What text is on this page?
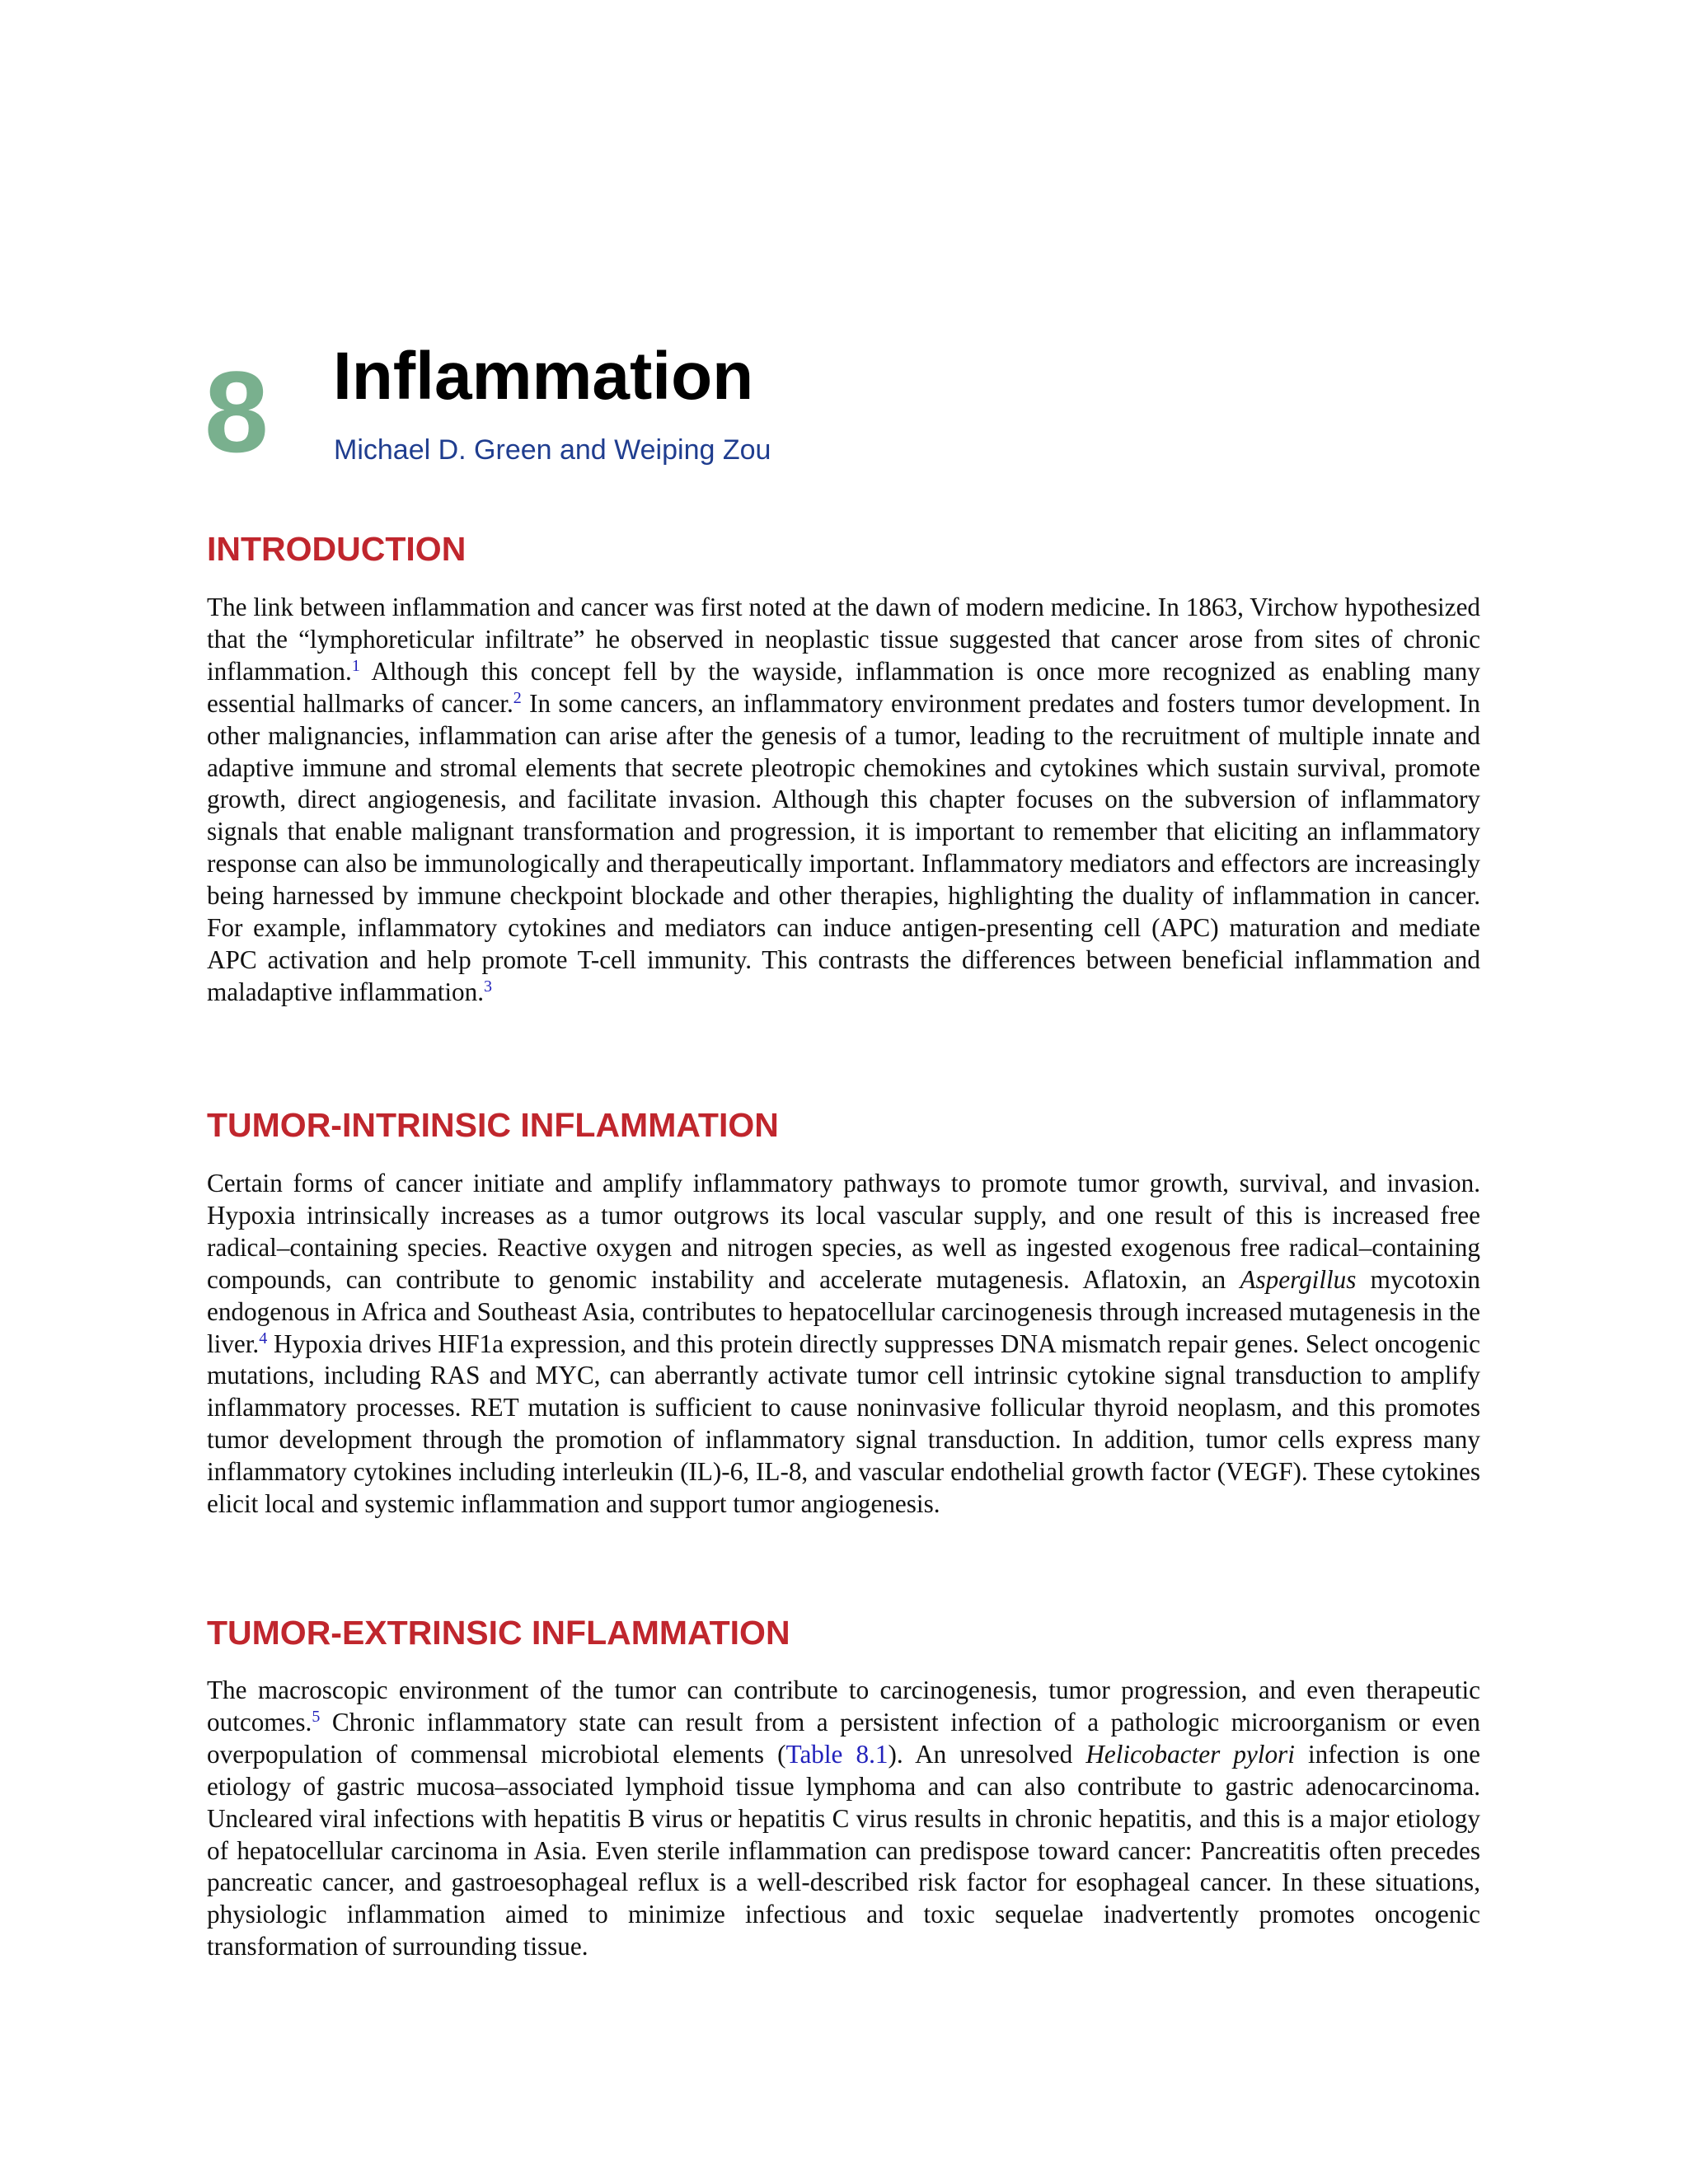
8 Inflammation
Michael D. Green and Weiping Zou
INTRODUCTION

The link between inflammation and cancer was first noted at the dawn of modern medicine. In 1863, Virchow hypothesized that the “lymphoreticular infiltrate” he observed in neoplastic tissue suggested that cancer arose from sites of chronic inflammation.$^1$ Although this concept fell by the wayside, inflammation is once more recognized as enabling many essential hallmarks of cancer.$^2$ In some cancers, an inflammatory environment predates and fosters tumor development. In other malignancies, inflammation can arise after the genesis of a tumor, leading to the recruitment of multiple innate and adaptive immune and stromal elements that secrete pleotropic chemokines and cytokines which sustain survival, promote growth, direct angiogenesis, and facilitate invasion. Although this chapter focuses on the subversion of inflammatory signals that enable malignant transformation and progression, it is important to remember that eliciting an inflammatory response can also be immunologically and therapeutically important. Inflammatory mediators and effectors are increasingly being harnessed by immune checkpoint blockade and other therapies, highlighting the duality of inflammation in cancer. For example, inflammatory cytokines and mediators can induce antigen-presenting cell (APC) maturation and mediate APC activation and help promote T-cell immunity. This contrasts the differences between beneficial inflammation and maladaptive inflammation.$^3$

TUMOR-INTRINSIC INFLAMMATION

Certain forms of cancer initiate and amplify inflammatory pathways to promote tumor growth, survival, and invasion. Hypoxia intrinsically increases as a tumor outgrows its local vascular supply, and one result of this is increased free radical–containing species. Reactive oxygen and nitrogen species, as well as ingested exogenous free radical–containing compounds, can contribute to genomic instability and accelerate mutagenesis. Aflatoxin, an Aspergillus mycotoxin endogenous in Africa and Southeast Asia, contributes to hepatocellular carcinogenesis through increased mutagenesis in the liver.$^4$ Hypoxia drives HIF1a expression, and this protein directly suppresses DNA mismatch repair genes. Select oncogenic mutations, including RAS and MYC, can aberrantly activate tumor cell intrinsic cytokine signal transduction to amplify inflammatory processes. RET mutation is sufficient to cause noninvasive follicular thyroid neoplasm, and this promotes tumor development through the promotion of inflammatory signal transduction. In addition, tumor cells express many inflammatory cytokines including interleukin (IL)-6, IL-8, and vascular endothelial growth factor (VEGF). These cytokines elicit local and systemic inflammation and support tumor angiogenesis.

TUMOR-EXTRINSIC INFLAMMATION

The macroscopic environment of the tumor can contribute to carcinogenesis, tumor progression, and even therapeutic outcomes.$^5$ Chronic inflammatory state can result from a persistent infection of a pathologic microorganism or even overpopulation of commensal microbiotal elements (Table 8.1). An unresolved Helicobacter pylori infection is one etiology of gastric mucosa–associated lymphoid tissue lymphoma and can also contribute to gastric adenocarcinoma. Uncleared viral infections with hepatitis B virus or hepatitis C virus results in chronic hepatitis, and this is a major etiology of hepatocellular carcinoma in Asia. Even sterile inflammation can predispose toward cancer: Pancreatitis often precedes pancreatic cancer, and gastroesophageal reflux is a well-described risk factor for esophageal cancer. In these situations, physiologic inflammation aimed to minimize infectious and toxic sequelae inadvertently promotes oncogenic transformation of surrounding tissue.
